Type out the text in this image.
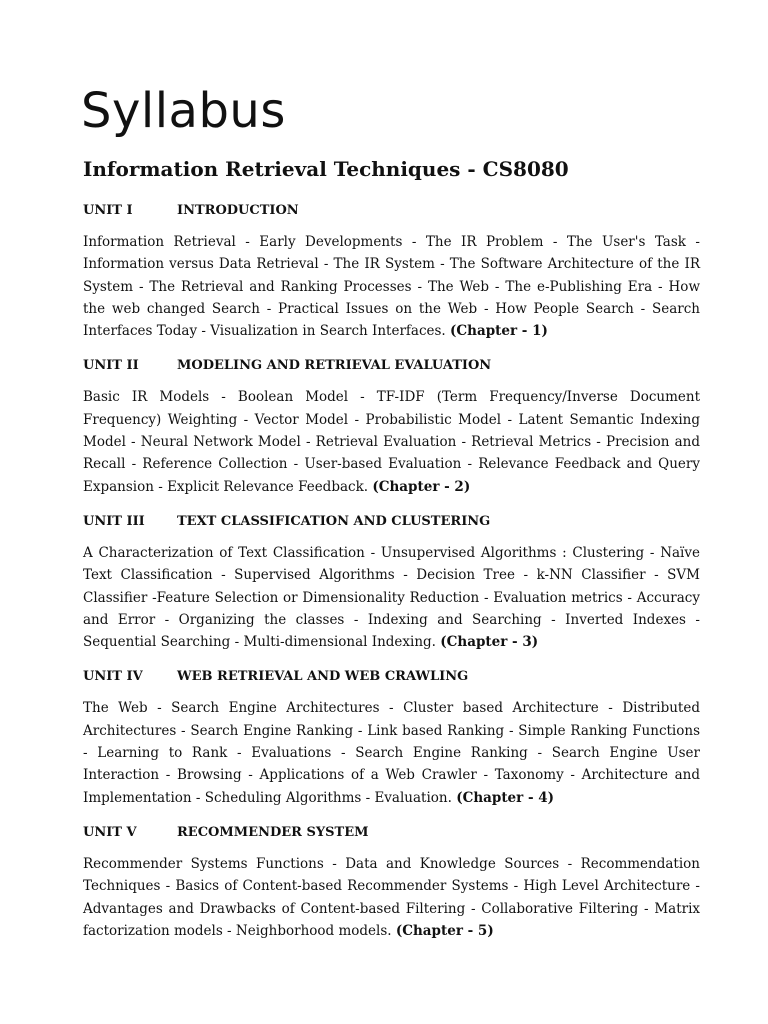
Syllabus
Information Retrieval Techniques - CS8080
UNIT I	INTRODUCTION

Information Retrieval - Early Developments - The IR Problem - The User's Task - Information versus Data Retrieval - The IR System - The Software Architecture of the IR System - The Retrieval and Ranking Processes - The Web - The e-Publishing Era - How the web changed Search - Practical Issues on the Web - How People Search - Search Interfaces Today - Visualization in Search Interfaces. (Chapter - 1)

UNIT II	MODELING AND RETRIEVAL EVALUATION

Basic IR Models - Boolean Model - TF-IDF (Term Frequency/Inverse Document Frequency) Weighting - Vector Model - Probabilistic Model - Latent Semantic Indexing Model - Neural Network Model - Retrieval Evaluation - Retrieval Metrics - Precision and Recall - Reference Collection - User-based Evaluation - Relevance Feedback and Query Expansion - Explicit Relevance Feedback. (Chapter - 2)

UNIT III TEXT CLASSIFICATION AND CLUSTERING

A Characterization of Text Classification - Unsupervised Algorithms : Clustering - Naïve Text Classification - Supervised Algorithms - Decision Tree - k-NN Classifier - SVM Classifier -Feature Selection or Dimensionality Reduction - Evaluation metrics - Accuracy and Error - Organizing the classes - Indexing and Searching - Inverted Indexes - Sequential Searching - Multi-dimensional Indexing. (Chapter - 3)

UNIT IV	WEB RETRIEVAL AND WEB CRAWLING

The Web - Search Engine Architectures - Cluster based Architecture - Distributed Architectures - Search Engine Ranking - Link based Ranking - Simple Ranking Functions - Learning to Rank - Evaluations - Search Engine Ranking - Search Engine User Interaction - Browsing - Applications of a Web Crawler - Taxonomy - Architecture and Implementation - Scheduling Algorithms - Evaluation. (Chapter - 4)

UNIT V	RECOMMENDER SYSTEM

Recommender Systems Functions - Data and Knowledge Sources - Recommendation Techniques - Basics of Content-based Recommender Systems - High Level Architecture - Advantages and Drawbacks of Content-based Filtering - Collaborative Filtering - Matrix factorization models - Neighborhood models. (Chapter - 5)
